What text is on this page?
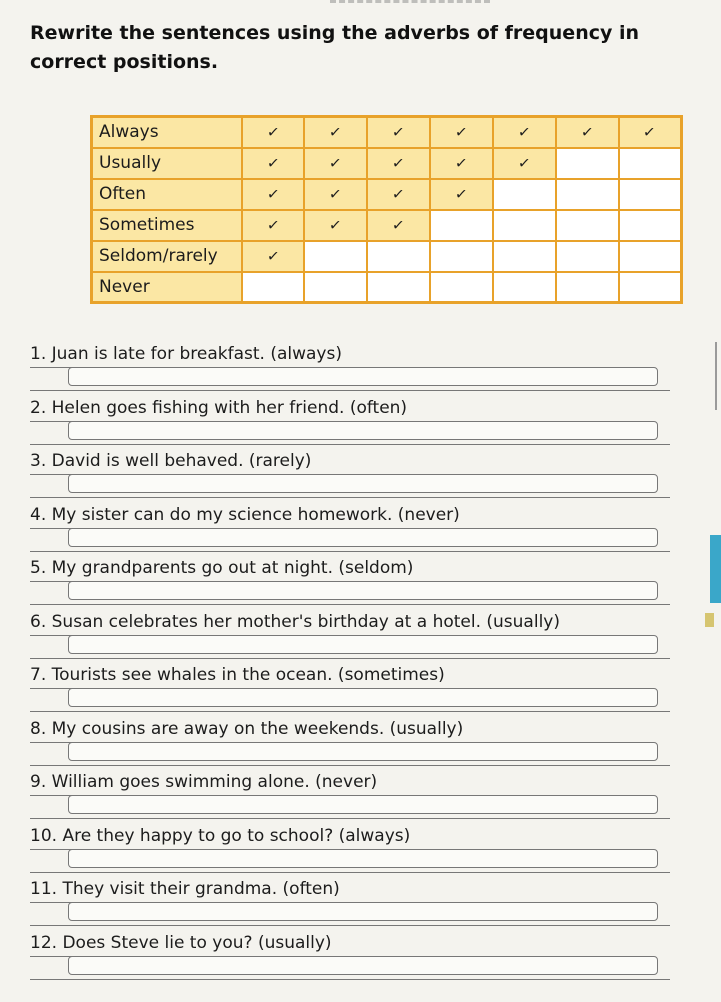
Rewrite the sentences using the adverbs of frequency in correct positions.
Always	✓	✓	✓	✓	✓	✓	✓
Usually	✓	✓	✓	✓	✓		
Often	✓	✓	✓	✓			
Sometimes	✓	✓	✓				
Seldom/rarely	✓						
Never							
1. Juan is late for breakfast. (always)
2. Helen goes fishing with her friend. (often)
3. David is well behaved. (rarely)
4. My sister can do my science homework. (never)
5. My grandparents go out at night. (seldom)
6. Susan celebrates her mother's birthday at a hotel. (usually)
7. Tourists see whales in the ocean. (sometimes)
8. My cousins are away on the weekends. (usually)
9. William goes swimming alone. (never)
10. Are they happy to go to school? (always)
11. They visit their grandma. (often)
12. Does Steve lie to you? (usually)
